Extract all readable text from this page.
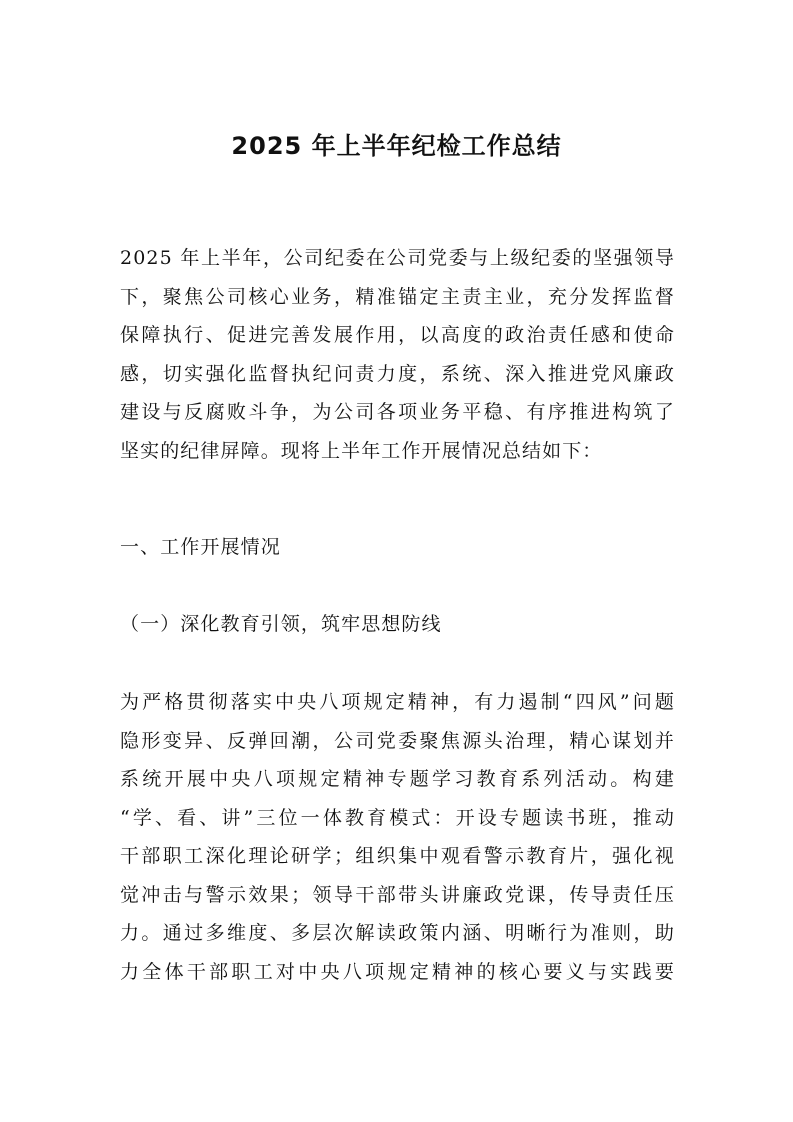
2025 年上半年纪检工作总结
2025 年上半年，公司纪委在公司党委与上级纪委的坚强领导
下，聚焦公司核心业务，精准锚定主责主业，充分发挥监督
保障执行、促进完善发展作用，以高度的政治责任感和使命
感，切实强化监督执纪问责力度，系统、深入推进党风廉政
建设与反腐败斗争，为公司各项业务平稳、有序推进构筑了
坚实的纪律屏障。现将上半年工作开展情况总结如下：

一、工作开展情况

（一）深化教育引领，筑牢思想防线

为严格贯彻落实中央八项规定精神，有力遏制“四风”问题
隐形变异、反弹回潮，公司党委聚焦源头治理，精心谋划并
系统开展中央八项规定精神专题学习教育系列活动。构建
“学、看、讲”三位一体教育模式：开设专题读书班，推动
干部职工深化理论研学；组织集中观看警示教育片，强化视
觉冲击与警示效果；领导干部带头讲廉政党课，传导责任压
力。通过多维度、多层次解读政策内涵、明晰行为准则，助
力全体干部职工对中央八项规定精神的核心要义与实践要
